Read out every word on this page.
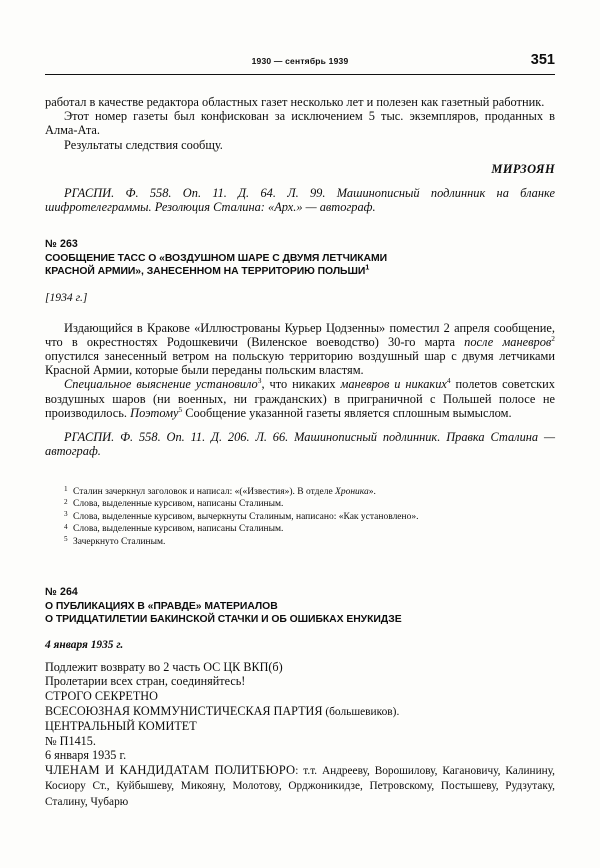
1930 — сентябрь 1939	351

работал в качестве редактора областных газет несколько лет и полезен как газетный работник.

Этот номер газеты был конфискован за исключением 5 тыс. экземпляров, проданных в Алма-Ата.

Результаты следствия сообщу.

МИРЗОЯН

РГАСПИ. Ф. 558. Оп. 11. Д. 64. Л. 99. Машинописный подлинник на бланке шифротелеграммы. Резолюция Сталина: «Арх.» — автограф.

№ 263
СООБЩЕНИЕ ТАСС О «ВОЗДУШНОМ ШАРЕ С ДВУМЯ ЛЕТЧИКАМИ
КРАСНОЙ АРМИИ», ЗАНЕСЕННОМ НА ТЕРРИТОРИЮ ПОЛЬШИ$^1$
[1934 г.]

Издающийся в Кракове «Иллюстрованы Курьер Цодзенны» поместил 2 апреля сообщение, что в окрестностях Родошкевичи (Виленское воеводство) 30-го марта после маневров$^2$ опустился занесенный ветром на польскую территорию воздушный шар с двумя летчиками Красной Армии, которые были переданы польским властям.

Специальное выяснение установило$^3$, что никаких маневров и никаких$^4$ полетов советских воздушных шаров (ни военных, ни гражданских) в приграничной с Польшей полосе не производилось. Поэтому$^5$ Сообщение указанной газеты является сплошным вымыслом.

РГАСПИ. Ф. 558. Оп. 11. Д. 206. Л. 66. Машинописный подлинник. Правка Сталина — автограф.

1 Сталин зачеркнул заголовок и написал: «(«Известия»). В отделе Хроника».

2 Слова, выделенные курсивом, написаны Сталиным.

3 Слова, выделенные курсивом, вычеркнуты Сталиным, написано: «Как установлено».

4 Слова, выделенные курсивом, написаны Сталиным.

5 Зачеркнуто Сталиным.

№ 264
О ПУБЛИКАЦИЯХ В «ПРАВДЕ» МАТЕРИАЛОВ
О ТРИДЦАТИЛЕТИИ БАКИНСКОЙ СТАЧКИ И ОБ ОШИБКАХ ЕНУКИДЗЕ
4 января 1935 г.

Подлежит возврату во 2 часть ОС ЦК ВКП(б)

Пролетарии всех стран, соединяйтесь!

СТРОГО СЕКРЕТНО

ВСЕСОЮЗНАЯ КОММУНИСТИЧЕСКАЯ ПАРТИЯ (большевиков).

ЦЕНТРАЛЬНЫЙ КОМИТЕТ

№ П1415.

6 января 1935 г.

ЧЛЕНАМ И КАНДИДАТАМ ПОЛИТБЮРО: т.т. Андрееву, Ворошилову, Кагановичу, Калинину, Косиору Ст., Куйбышеву, Микояну, Молотову, Орджоникидзе, Петровскому, Постышеву, Рудзутаку, Сталину, Чубарю
